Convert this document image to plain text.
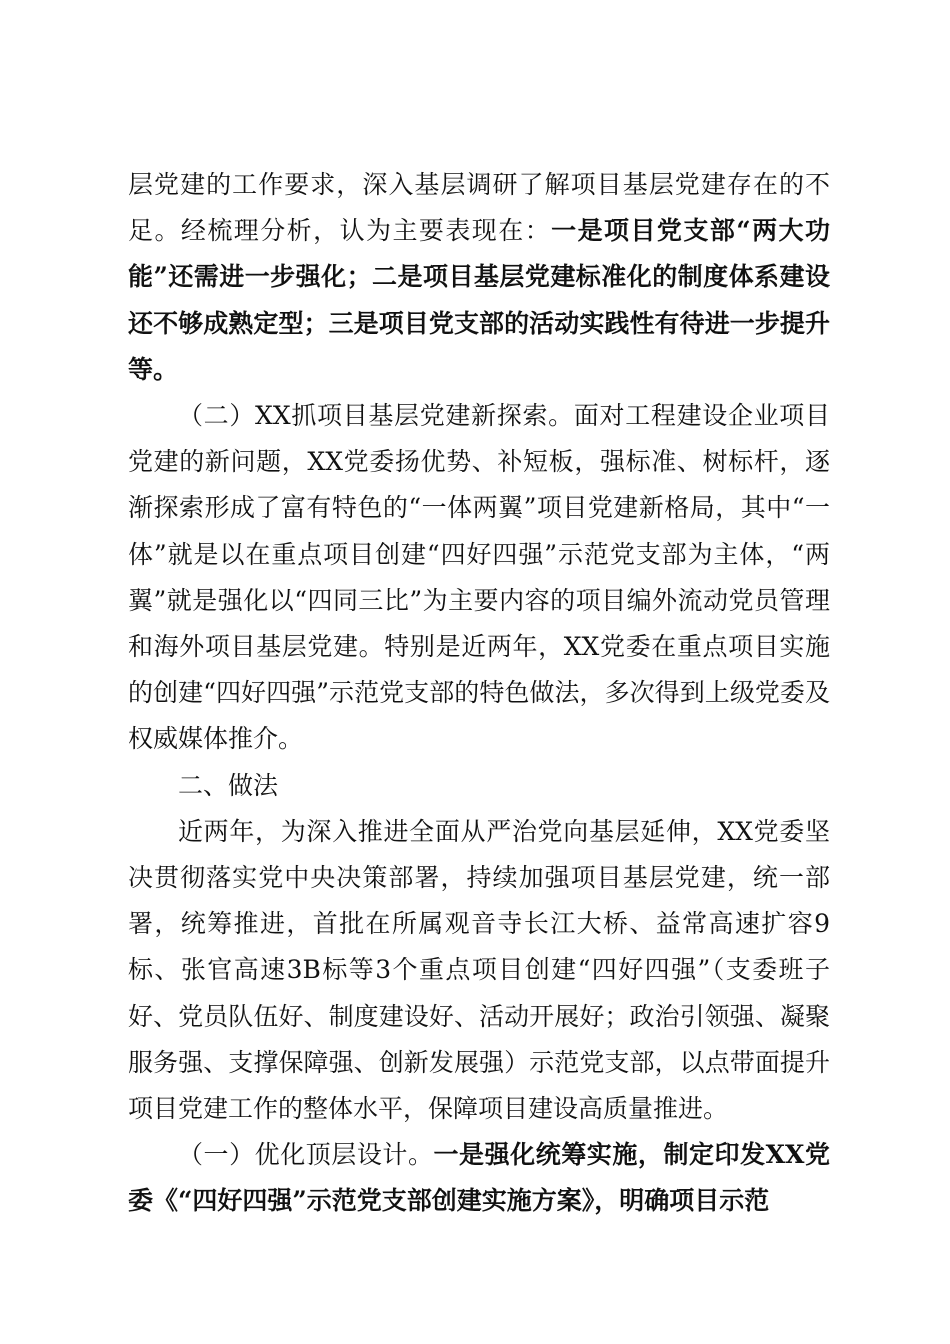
层党建的工作要求，深入基层调研了解项目基层党建存在的不足。经梳理分析，认为主要表现在：一是项目党支部“两大功能”还需进一步强化；二是项目基层党建标准化的制度体系建设还不够成熟定型；三是项目党支部的活动实践性有待进一步提升等。

（二）XX抓项目基层党建新探索。面对工程建设企业项目党建的新问题，XX党委扬优势、补短板，强标准、树标杆，逐渐探索形成了富有特色的“一体两翼”项目党建新格局，其中“一体”就是以在重点项目创建“四好四强”示范党支部为主体，“两翼”就是强化以“四同三比”为主要内容的项目编外流动党员管理和海外项目基层党建。特别是近两年，XX党委在重点项目实施的创建“四好四强”示范党支部的特色做法，多次得到上级党委及权威媒体推介。

二、做法

近两年，为深入推进全面从严治党向基层延伸，XX党委坚决贯彻落实党中央决策部署，持续加强项目基层党建，统一部署，统筹推进，首批在所属观音寺长江大桥、益常高速扩容9标、张官高速3B标等3个重点项目创建“四好四强”（支委班子好、党员队伍好、制度建设好、活动开展好；政治引领强、凝聚服务强、支撑保障强、创新发展强）示范党支部，以点带面提升项目党建工作的整体水平，保障项目建设高质量推进。

（一）优化顶层设计。一是强化统筹实施，制定印发XX党委《“四好四强”示范党支部创建实施方案》，明确项目示范
